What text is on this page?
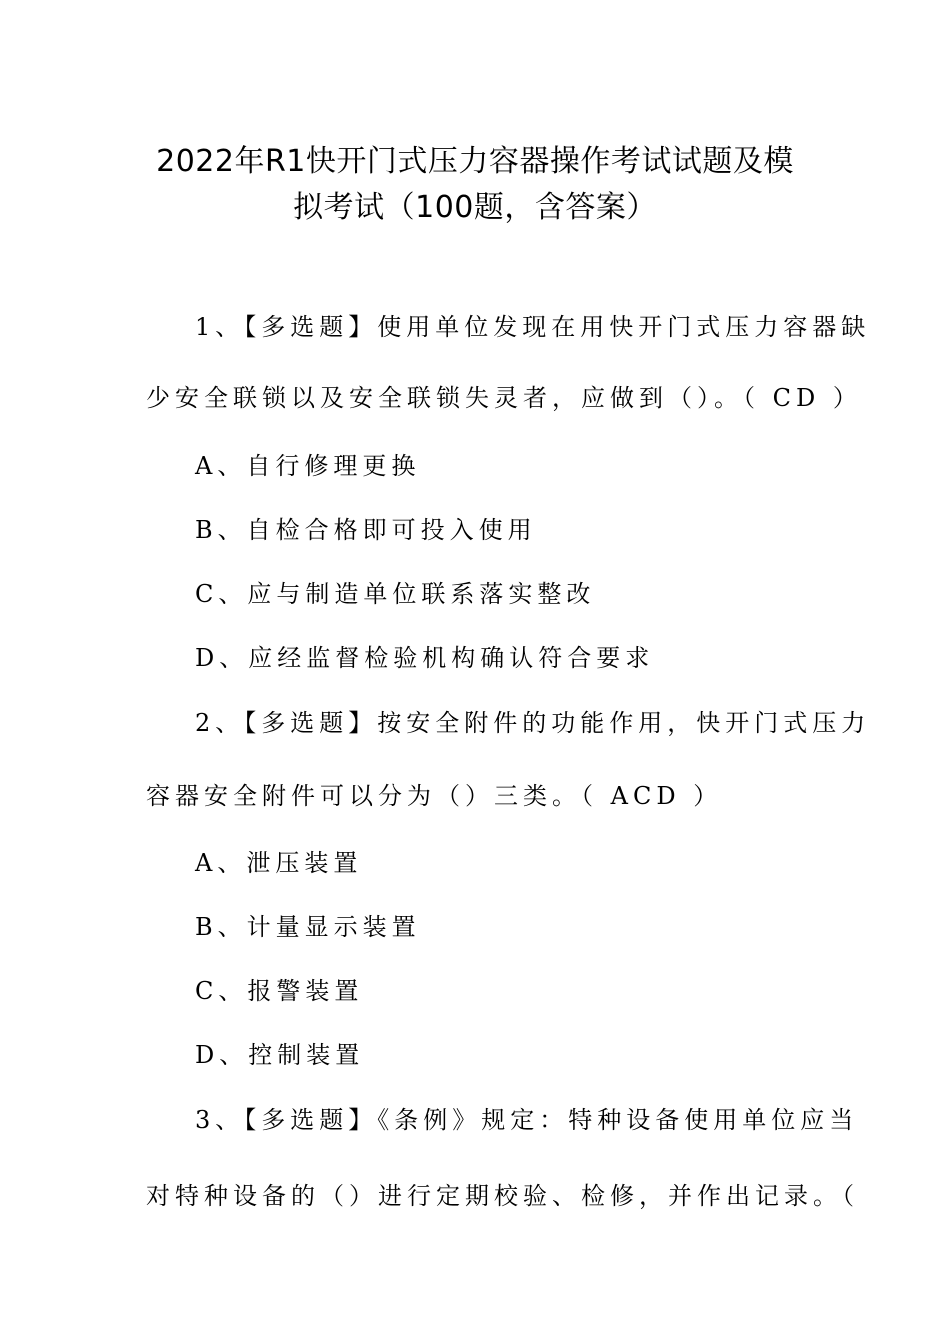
2022年R1快开门式压力容器操作考试试题及模
拟考试（100题，含答案）
1、【多选题】使用单位发现在用快开门式压力容器缺
少安全联锁以及安全联锁失灵者，应做到（）。（ CD ）
A、自行修理更换
B、自检合格即可投入使用
C、应与制造单位联系落实整改
D、应经监督检验机构确认符合要求
2、【多选题】按安全附件的功能作用，快开门式压力
容器安全附件可以分为（）三类。（ ACD ）
A、泄压装置
B、计量显示装置
C、报警装置
D、控制装置
3、【多选题】《条例》规定：特种设备使用单位应当
对特种设备的（）进行定期校验、检修，并作出记录。（
